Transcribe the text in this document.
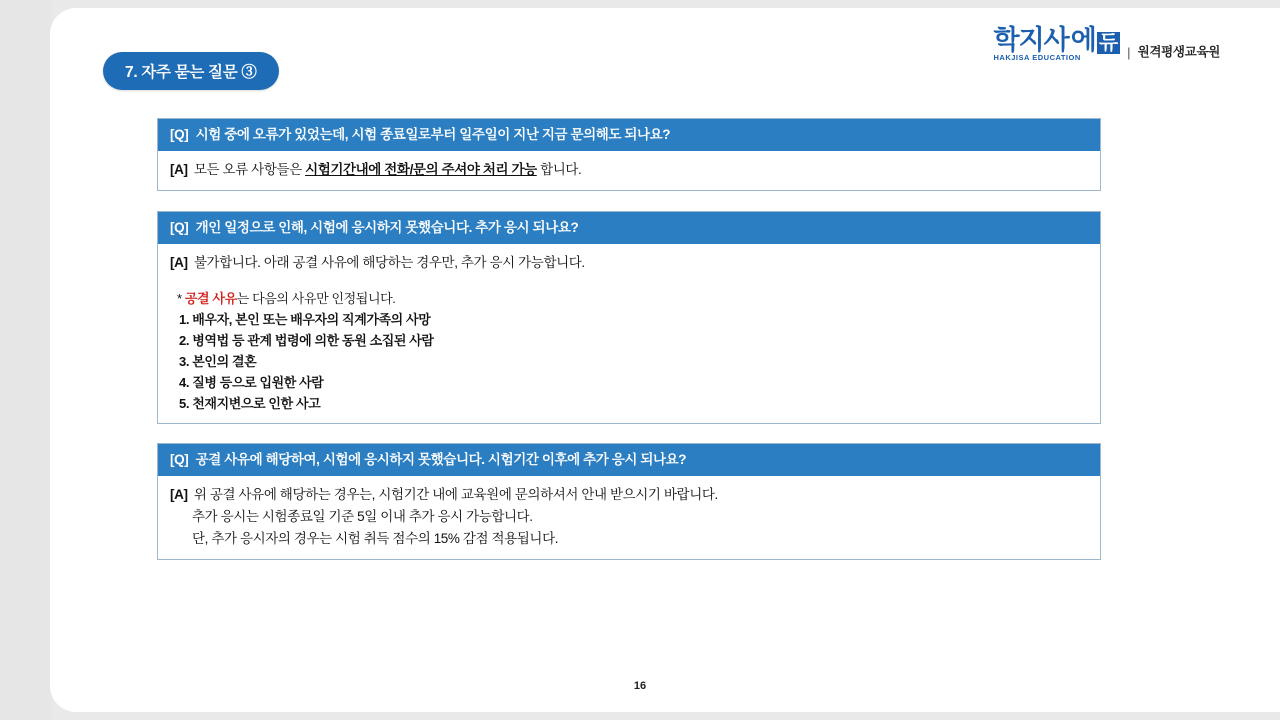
학지사 에 듀
HAKJISA EDUCATION	| 원격평생교육원
7. 자주 묻는 질문 ③
[Q] 시험 중에 오류가 있었는데, 시험 종료일로부터 일주일이 지난 지금 문의해도 되나요?
[A] 모든 오류 사항들은 시험기간내에 전화/문의 주셔야 처리 가능 합니다.
[Q] 개인 일정으로 인해, 시험에 응시하지 못했습니다. 추가 응시 되나요?
[A] 불가합니다. 아래 공결 사유에 해당하는 경우만, 추가 응시 가능합니다.
* 공결 사유는 다음의 사유만 인정됩니다.
1. 배우자, 본인 또는 배우자의 직계가족의 사망
2. 병역법 등 관계 법령에 의한 동원 소집된 사람
3. 본인의 결혼
4. 질병 등으로 입원한 사람
5. 천재지변으로 인한 사고
[Q] 공결 사유에 해당하여, 시험에 응시하지 못했습니다. 시험기간 이후에 추가 응시 되나요?
[A] 위 공결 사유에 해당하는 경우는, 시험기간 내에 교육원에 문의하셔서 안내 받으시기 바랍니다.
추가 응시는 시험종료일 기준 5일 이내 추가 응시 가능합니다.
단, 추가 응시자의 경우는 시험 취득 점수의 15% 감점 적용됩니다.
16
